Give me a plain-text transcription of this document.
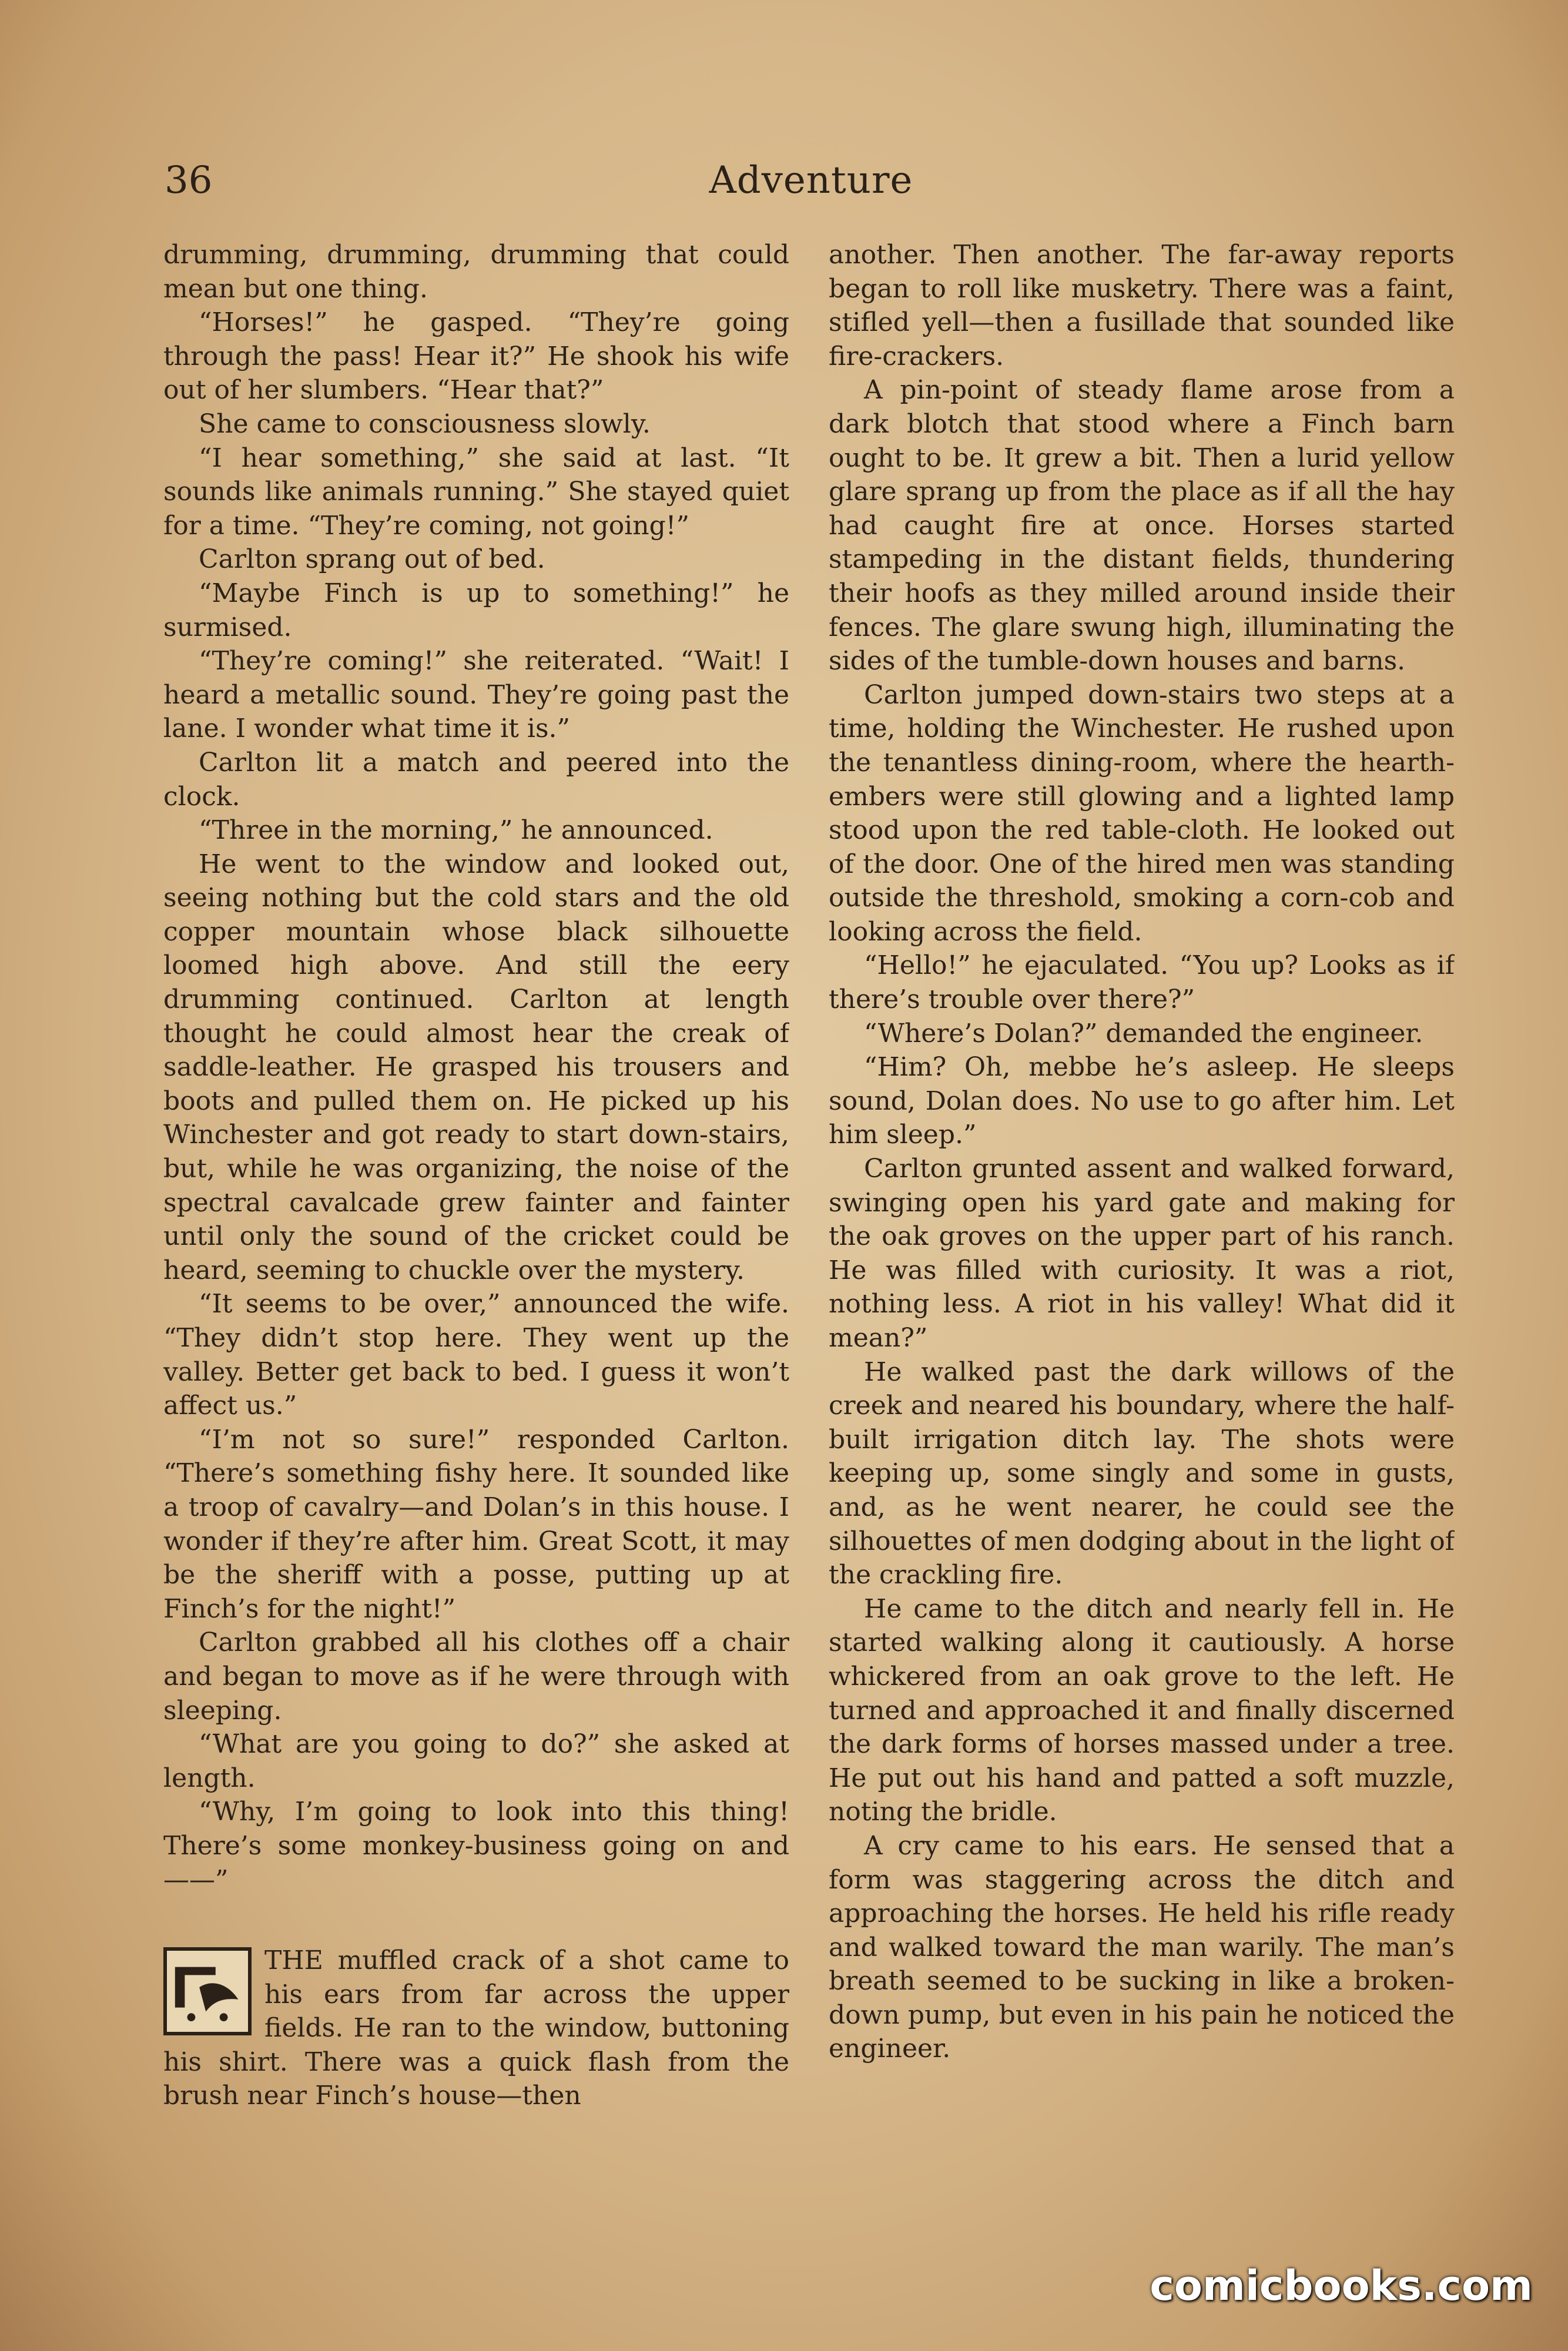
36	Adventure

drumming, drumming, drumming that could mean but one thing.

“Horses!” he gasped. “They’re going through the pass! Hear it?” He shook his wife out of her slumbers. “Hear that?”

She came to consciousness slowly.

“I hear something,” she said at last. “It sounds like animals running.” She stayed quiet for a time. “They’re coming, not going!”

Carlton sprang out of bed.

“Maybe Finch is up to something!” he surmised.

“They’re coming!” she reiterated. “Wait! I heard a metallic sound. They’re going past the lane. I wonder what time it is.”

Carlton lit a match and peered into the clock.

“Three in the morning,” he announced.

He went to the window and looked out, seeing nothing but the cold stars and the old copper mountain whose black silhouette loomed high above. And still the eery drumming continued. Carlton at length thought he could almost hear the creak of saddle-leather. He grasped his trousers and boots and pulled them on. He picked up his Winchester and got ready to start down-stairs, but, while he was organizing, the noise of the spectral cavalcade grew fainter and fainter until only the sound of the cricket could be heard, seeming to chuckle over the mystery.

“It seems to be over,” announced the wife. “They didn’t stop here. They went up the valley. Better get back to bed. I guess it won’t affect us.”

“I’m not so sure!” responded Carlton. “There’s something fishy here. It sounded like a troop of cavalry—and Dolan’s in this house. I wonder if they’re after him. Great Scott, it may be the sheriff with a posse, putting up at Finch’s for the night!”

Carlton grabbed all his clothes off a chair and began to move as if he were through with sleeping.

“What are you going to do?” she asked at length.

“Why, I’m going to look into this thing! There’s some monkey-business going on and——”

THE muffled crack of a shot came to his ears from far across the upper fields. He ran to the window, buttoning his shirt. There was a quick flash from the brush near Finch’s house—then

another. Then another. The far-away reports began to roll like musketry. There was a faint, stifled yell—then a fusillade that sounded like fire-crackers.

A pin-point of steady flame arose from a dark blotch that stood where a Finch barn ought to be. It grew a bit. Then a lurid yellow glare sprang up from the place as if all the hay had caught fire at once. Horses started stampeding in the distant fields, thundering their hoofs as they milled around inside their fences. The glare swung high, illuminating the sides of the tumble-down houses and barns.

Carlton jumped down-stairs two steps at a time, holding the Winchester. He rushed upon the tenantless dining-room, where the hearth-embers were still glowing and a lighted lamp stood upon the red table-cloth. He looked out of the door. One of the hired men was standing outside the threshold, smoking a corn-cob and looking across the field.

“Hello!” he ejaculated. “You up? Looks as if there’s trouble over there?”

“Where’s Dolan?” demanded the engineer.

“Him? Oh, mebbe he’s asleep. He sleeps sound, Dolan does. No use to go after him. Let him sleep.”

Carlton grunted assent and walked forward, swinging open his yard gate and making for the oak groves on the upper part of his ranch. He was filled with curiosity. It was a riot, nothing less. A riot in his valley! What did it mean?”

He walked past the dark willows of the creek and neared his boundary, where the half-built irrigation ditch lay. The shots were keeping up, some singly and some in gusts, and, as he went nearer, he could see the silhouettes of men dodging about in the light of the crackling fire.

He came to the ditch and nearly fell in. He started walking along it cautiously. A horse whickered from an oak grove to the left. He turned and approached it and finally discerned the dark forms of horses massed under a tree. He put out his hand and patted a soft muzzle, noting the bridle.

A cry came to his ears. He sensed that a form was staggering across the ditch and approaching the horses. He held his rifle ready and walked toward the man warily. The man’s breath seemed to be sucking in like a broken-down pump, but even in his pain he noticed the engineer.

comicbooks.com
